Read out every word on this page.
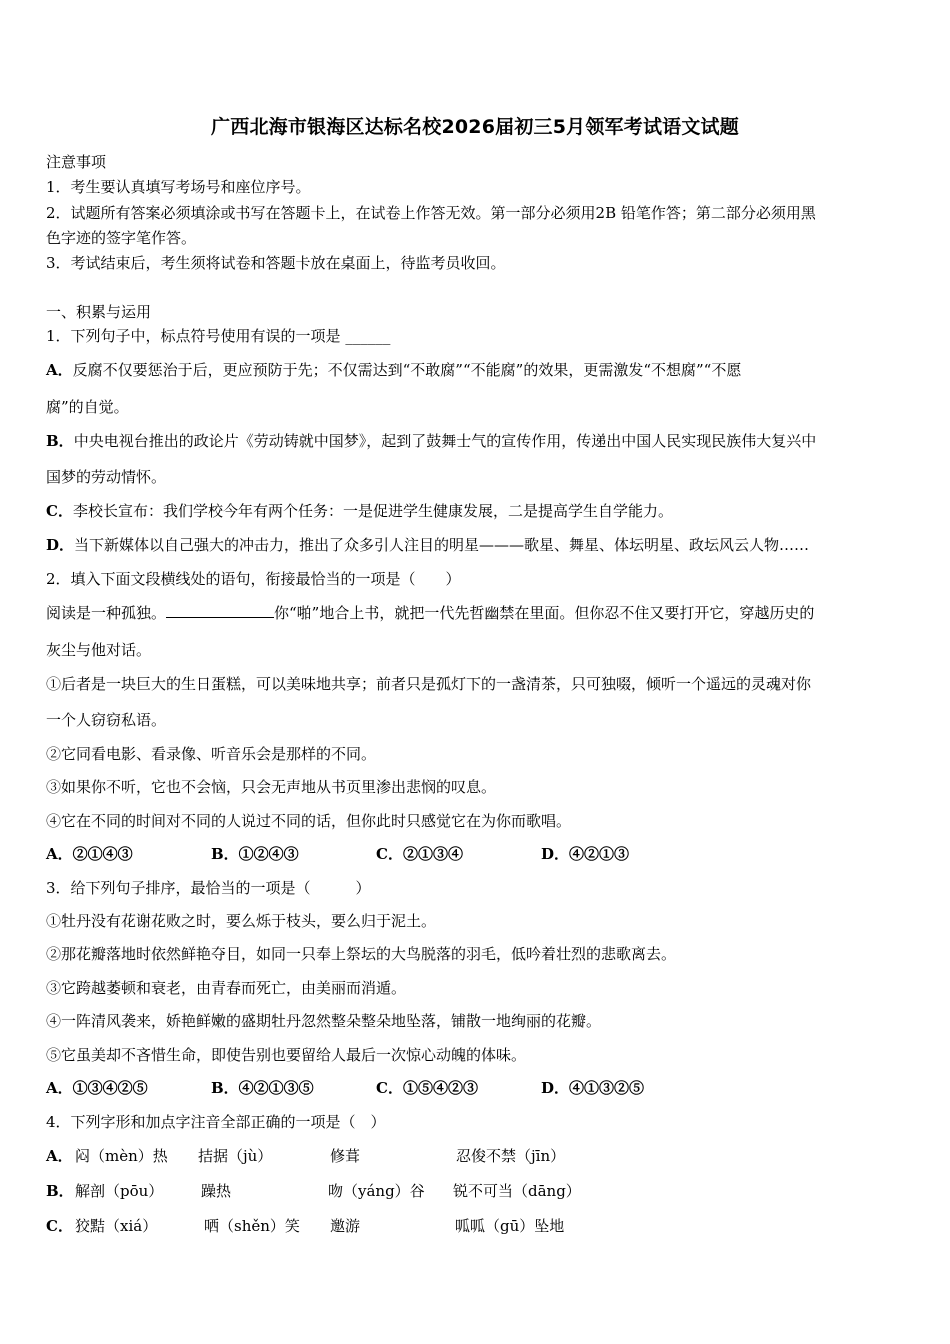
广西北海市银海区达标名校2026届初三5月领军考试语文试题
注意事项
1．考生要认真填写考场号和座位序号。
2．试题所有答案必须填涂或书写在答题卡上，在试卷上作答无效。第一部分必须用2B 铅笔作答；第二部分必须用黑
色字迹的签字笔作答。
3．考试结束后，考生须将试卷和答题卡放在桌面上，待监考员收回。
一、积累与运用
1．下列句子中，标点符号使用有误的一项是 ______
A．反腐不仅要惩治于后，更应预防于先；不仅需达到“不敢腐”“不能腐”的效果，更需激发“不想腐”“不愿
腐”的自觉。
B．中央电视台推出的政论片《劳动铸就中国梦》，起到了鼓舞士气的宣传作用，传递出中国人民实现民族伟大复兴中
国梦的劳动情怀。
C．李校长宣布：我们学校今年有两个任务：一是促进学生健康发展，二是提高学生自学能力。
D．当下新媒体以自己强大的冲击力，推出了众多引人注目的明星———歌星、舞星、体坛明星、政坛风云人物……
2．填入下面文段横线处的语句，衔接最恰当的一项是（　　）
阅读是一种孤独。	你“啪”地合上书，就把一代先哲幽禁在里面。但你忍不住又要打开它，穿越历史的
灰尘与他对话。
①后者是一块巨大的生日蛋糕，可以美味地共享；前者只是孤灯下的一盏清茶，只可独啜，倾听一个遥远的灵魂对你
一个人窃窃私语。
②它同看电影、看录像、听音乐会是那样的不同。
③如果你不听，它也不会恼，只会无声地从书页里渗出悲悯的叹息。
④它在不同的时间对不同的人说过不同的话，但你此时只感觉它在为你而歌唱。
A．②①④③	B．①②④③	C．②①③④	D．④②①③
3．给下列句子排序，最恰当的一项是（　　　）
①牡丹没有花谢花败之时，要么烁于枝头，要么归于泥土。
②那花瓣落地时依然鲜艳夺目，如同一只奉上祭坛的大鸟脱落的羽毛，低吟着壮烈的悲歌离去。
③它跨越萎顿和衰老，由青春而死亡，由美丽而消遁。
④一阵清风袭来，娇艳鲜嫩的盛期牡丹忽然整朵整朵地坠落，铺散一地绚丽的花瓣。
⑤它虽美却不吝惜生命，即使告别也要留给人最后一次惊心动魄的体味。
A．①③④②⑤	B．④②①③⑤	C．①⑤④②③	D．④①③②⑤
4．下列字形和加点字注音全部正确的一项是（　）
A． 闷（mèn）热 拮据（jù）	修葺	忍俊不禁（jīn）
B． 解剖（pōu）	躁热	吻（yáng）谷 锐不可当（dāng）
C． 狡黠（xiá）	哂（shěn）笑 邀游	呱呱（gū）坠地
